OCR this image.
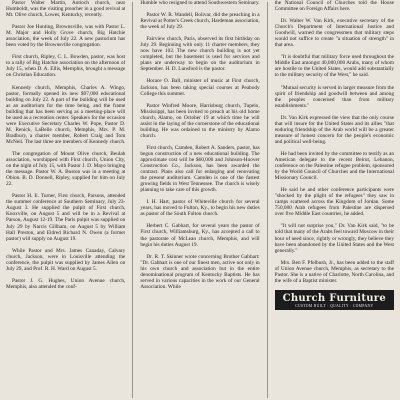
Pastor Walter Martin, Antioch church, near Humboldt, was the visiting preacher in a good revival at Mt. Olive church, Lowes, Kentucky, recently.

Pastor Joe Hunting, Brownsville, was with Pastor L. M. Major and Holly Grove church, Big Hatchie association, the week of July 22. A new pastorium has been voted by the Brownsville congregation.

First church, Ripley, C. L. Bowden, pastor, was host to a rally of Big Hatchie association on the afternoon of July 15, when D. A. Ellis, Memphis, brought a message on Christian Education.

Kennedy church, Memphis, Charles A. Wingo, pastor, formally opened its new $97,000 educational building on July 22. A part of the building will be used as an auditorium for the time being, and the frame building that has been serving as a meeting-place will be used as a recreation center. Speakers for the occasion were Executive Secretary Charles W. Pope, Pastor D. M. Renick, LaBelle church, Memphis, Mrs. P. M. Bradbury, a charter member, Robert Craig and Tom McNeil. The last three are members of Kennedy church.

The congregation of Mount Olive church, Beulah association, worshipped with First church, Union City, on the night of July 15, with Pastor J. D. Mayo bringing the message. Pastor W. A. Boston was in a meeting at Obion. B. D. Donnell, Ripley, supplied for him on July 22.

Pastor H. E. Turner, First church, Parsons, attended the summer conference at Southern Seminary, July 23-August 3. He supplied the pulpit of First church, Knoxville, on August 5 and will be in a Revival at Parson, August 12-19. The Paris pulpit was supplied on July 29 by Narcis Gillham, on August 5 by William Hall Preston, and Eldred Richard N. Owen (a former pastor) will supply on August 19.

While Pastor and Mrs. James Canaday, Calvary church, Jackson, were in Louisville attending the conference, the pulpit was supplied by James Allen on July 29, and Prof. R. H. Ward on August 5.

Pastor J. G. Hughes, Union Avenue church, Memphis, also attended the conf-

Humble who resigned to attend Southwestern Seminary.

Pastor W. R. Wandell, Bolivar, did the preaching in a Revival at Potter's Creek church, Hardeman association, the week of July 29.

Fairview church, Paris, observed its first birthday on July 29. Beginning with only 11 charter members, they now have 102. The new church building is not yet completed, but the basement is used for services and plans are underway to begin on the auditorium in September. H. D. Lunsford is the pastor.

Horace O. Ball, minister of music at First church, Jackson, has been taking special courses at Peabody College this summer.

Pastor Winfred Moore, Harrisburg church, Tupelo, Mississippi, has been invited to preach at his old home church, Alamo, on October 19 at which time he will assist in the laying of the cornerstone of the educational building. He was ordained to the ministry by Alamo church.

First church, Camden, Robert A. Sanders, pastor, has begun construction of a new educational building. The approximate cost will be $60,000 and Johnson-Hoover Construction Co., Jackson, has been awarded the contract. Plans also call for enlarging and renovating the present auditorium. Camden is one of the fastest growing fields in West Tennessee. The church is wisely planning to take care of this growth.

I. H. Hart, pastor of Whiteville church for several years, has moved to Fulton, Ky., to begin his new duties as pastor of the South Fulton church.

Herbert C. Gabhart, for several years the pastor of First church, Williamsburg, Ky., has accepted a call to the pastorate of McLean church, Memphis, and will begin his duties August 19.

Dr. R. T. Skinner wrote concerning Brother Gabhart: "Dr. Gabhart is one of our finest men, active not only in his own church and association but in the entire denominational program of Kentucky Baptists. He has served in various capacities in the work of our General Association. While

the National Council of Churches told the House Committee on Foreign Affairs here.

Dr. Walter W. Van Kirk, executive secretary of the Church's Department of International Justice and Goodwill, warned the congressmen that military steps would not suffice to create "a situation of strength" in that area.

"It is doubtful that military force used throughout the Middle East amongst 40,000,000 Arabs, many of whom are hostile to the United States, would add substantially to the military security of the West," he said.

"Mutual security is served in larger measure from the spirit of friendship and goodwill between and among the peoples concerned than from military establishments."

Dr. Van Kirk expressed the view that the only course that will insure for the United States and its allies "that enduring friendship of the Arab world will be a greater measure of honest concern for the people's economic and political well-being.

He had been invited by the committee to testify as an American delegate to the recent Beirut, Lebanon, conference on the Palestine refugee problem, sponsored by the World Council of Churches and the International Missionary Council.

He said he and other conference participants were "shocked by the plight of the refugees" they saw in camps scattered across the Kingdom of Jordan. Some 750,000 Arab refugees from Palestine are dispersed over five Middle East countries, he added.

"It will not surprise you," Dr. Van Kirk said, "to be told that many of the Arabs feel toward Moscow in their hour of need since, rightly or wrongly, they believe they have been abandoned by the United States and the West generally."

Mrs. Ben F. Pfelbush, Jr., has been added to the staff of Union Avenue church, Memphis, as secretary to the Pastor. She is a native of Charlotte, North Carolina, and the wife of a Baptist minister.

Church Furniture
CUSTOM BUILT · QUALITY · COMPANY
